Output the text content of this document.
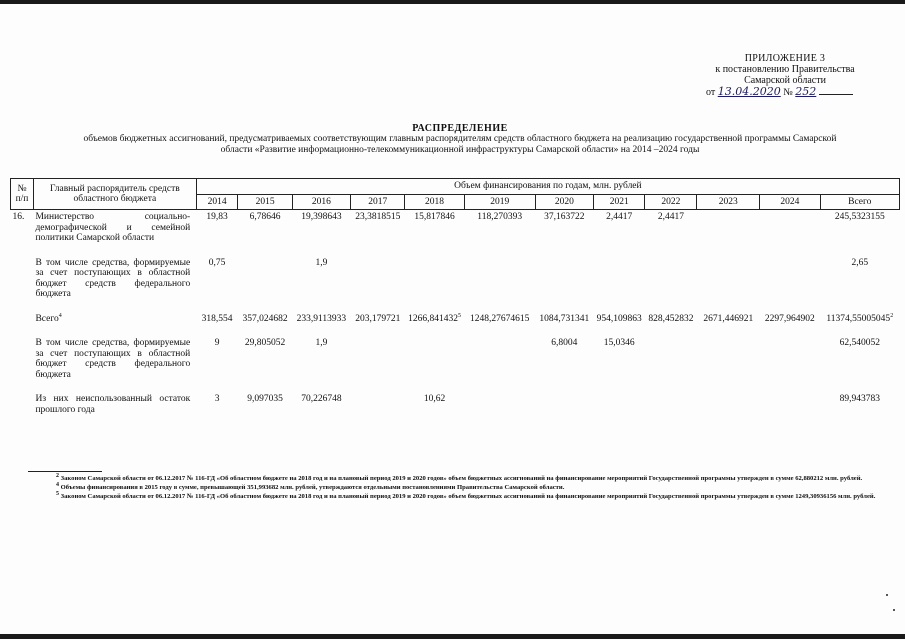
ПРИЛОЖЕНИЕ 3
к постановлению Правительства
Самарской области
от 13.04.2020 № 252
РАСПРЕДЕЛЕНИЕ
объемов бюджетных ассигнований, предусматриваемых соответствующим главным распорядителям средств областного бюджета на реализацию государственной программы Самарской
области «Развитие информационно-телекоммуникационной инфраструктуры Самарской области» на 2014 –2024 годы
№ п/п	Главный распорядитель средств областного бюджета	Объем финансирования по годам, млн. рублей											
		2014	2015	2016	2017	2018	2019	2020	2021	2022	2023	2024	Всего
16.	Министерство социально-демографической и семейной политики Самарской области	19,83	6,78646	19,398643	23,3818515	15,817846	118,270393	37,163722	2,4417	2,4417			245,5323155
	В том числе средства, формируемые за счет поступающих в областной бюджет средств федерального бюджета	0,75		1,9									2,65
	Всего$^4$	318,554	357,024682	233,9113933	203,179721	1266,841432$^5$	1248,27674615	1084,731341	954,109863	828,452832	2671,446921	2297,964902	11374,55005045$^2$
	В том числе средства, формируемые за счет поступающих в областной бюджет средств федерального бюджета	9	29,805052	1,9				6,8004	15,0346				62,540052
	Из них неиспользованный остаток прошлого года	3	9,097035	70,226748		10,62							89,943783

$^2$ Законом Самарской области от 06.12.2017 № 116-ГД «Об областном бюджете на 2018 год и на плановый период 2019 и 2020 годов» объем бюджетных ассигнований на финансирование мероприятий Государственной программы утвержден в сумме 62,880212 млн. рублей.

$^4$ Объемы финансирования в 2015 году в сумме, превышающей 351,993682 млн. рублей, утверждаются отдельными постановлениями Правительства Самарской области.

$^5$ Законом Самарской области от 06.12.2017 № 116-ГД «Об областном бюджете на 2018 год и на плановый период 2019 и 2020 годов» объем бюджетных ассигнований на финансирование мероприятий Государственной программы утвержден в сумме 1249,30936156 млн. рублей.
